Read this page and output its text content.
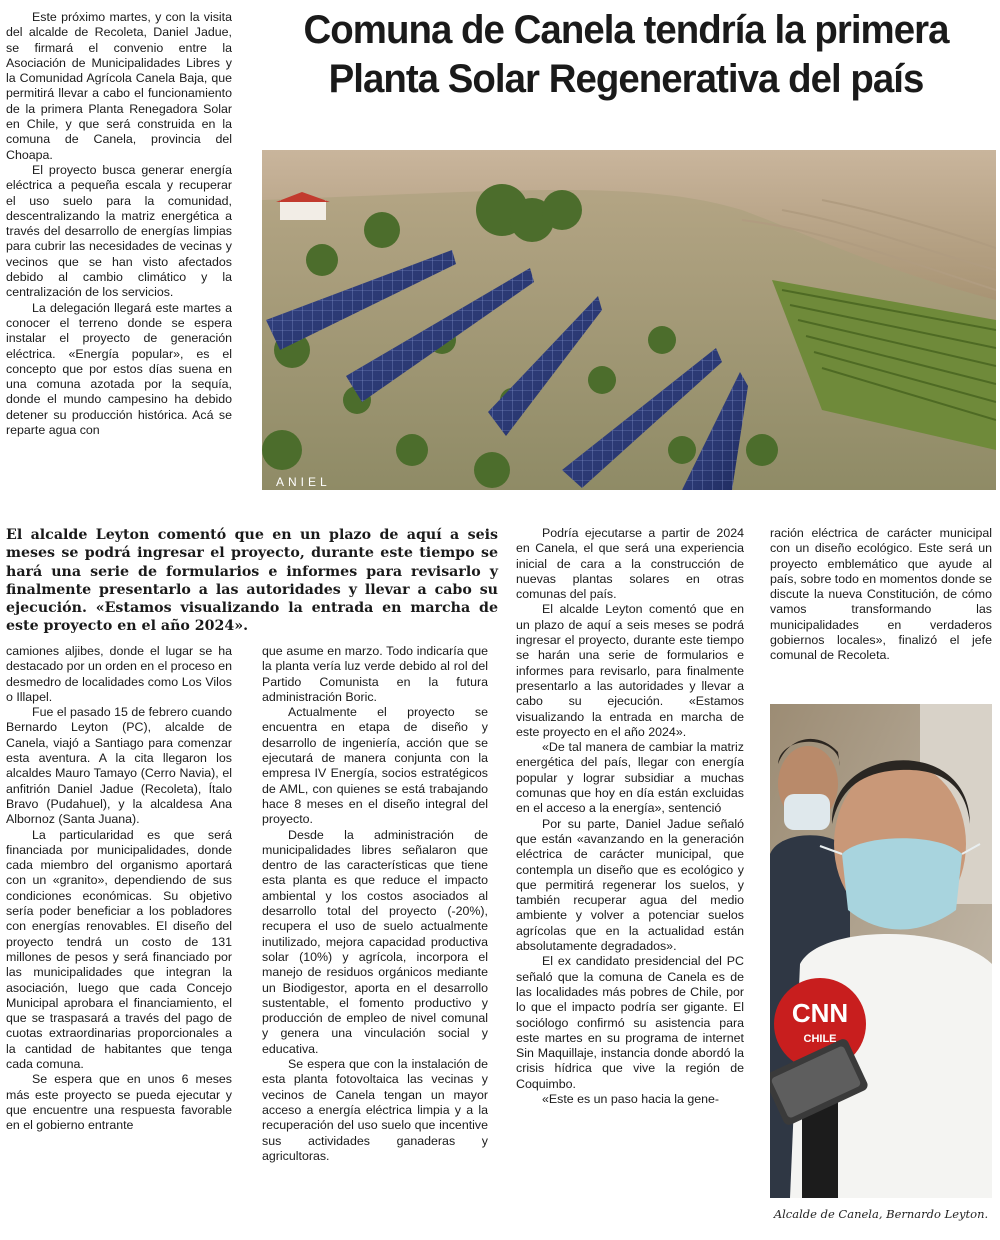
Este próximo martes, y con la visita del alcalde de Recoleta, Daniel Jadue, se firmará el convenio entre la Asociación de Municipalidades Libres y la Comunidad Agrícola Canela Baja, que permitirá llevar a cabo el funcionamiento de la primera Planta Renegadora Solar en Chile, y que será construida en la comuna de Canela, provincia del Choapa.

El proyecto busca generar energía eléctrica a pequeña escala y recuperar el uso suelo para la comunidad, descentralizando la matriz energética a través del desarrollo de energías limpias para cubrir las necesidades de vecinas y vecinos que se han visto afectados debido al cambio climático y la centralización de los servicios.

La delegación llegará este martes a conocer el terreno donde se espera instalar el proyecto de generación eléctrica. «Energía popular», es el concepto que por estos días suena en una comuna azotada por la sequía, donde el mundo campesino ha debido detener su producción histórica. Acá se reparte agua con

Comuna de Canela tendría la primera Planta Solar Regenerativa del país
ANIEL

El alcalde Leyton comentó que en un plazo de aquí a seis meses se podrá ingresar el proyecto, durante este tiempo se hará una serie de formularios e informes para revisarlo y finalmente presentarlo a las autoridades y llevar a cabo su ejecución. «Estamos visualizando la entrada en marcha de este proyecto en el año 2024».

camiones aljibes, donde el lugar se ha destacado por un orden en el proceso en desmedro de localidades como Los Vilos o Illapel.

Fue el pasado 15 de febrero cuando Bernardo Leyton (PC), alcalde de Canela, viajó a Santiago para comenzar esta aventura. A la cita llegaron los alcaldes Mauro Tamayo (Cerro Navia), el anfitrión Daniel Jadue (Recoleta), Ítalo Bravo (Pudahuel), y la alcaldesa Ana Albornoz (Santa Juana).

La particularidad es que será financiada por municipalidades, donde cada miembro del organismo aportará con un «granito», dependiendo de sus condiciones económicas. Su objetivo sería poder beneficiar a los pobladores con energías renovables. El diseño del proyecto tendrá un costo de 131 millones de pesos y será financiado por las municipalidades que integran la asociación, luego que cada Concejo Municipal aprobara el financiamiento, el que se traspasará a través del pago de cuotas extraordinarias proporcionales a la cantidad de habitantes que tenga cada comuna.

Se espera que en unos 6 meses más este proyecto se pueda ejecutar y que encuentre una respuesta favorable en el gobierno entrante

que asume en marzo. Todo indicaría que la planta vería luz verde debido al rol del Partido Comunista en la futura administración Boric.

Actualmente el proyecto se encuentra en etapa de diseño y desarrollo de ingeniería, acción que se ejecutará de manera conjunta con la empresa IV Energía, socios estratégicos de AML, con quienes se está trabajando hace 8 meses en el diseño integral del proyecto.

Desde la administración de municipalidades libres señalaron que dentro de las características que tiene esta planta es que reduce el impacto ambiental y los costos asociados al desarrollo total del proyecto (-20%), recupera el uso de suelo actualmente inutilizado, mejora capacidad productiva solar (10%) y agrícola, incorpora el manejo de residuos orgánicos mediante un Biodigestor, aporta en el desarrollo sustentable, el fomento productivo y producción de empleo de nivel comunal y genera una vinculación social y educativa.

Se espera que con la instalación de esta planta fotovoltaica las vecinas y vecinos de Canela tengan un mayor acceso a energía eléctrica limpia y a la recuperación del uso suelo que incentive sus actividades ganaderas y agricultoras.

Podría ejecutarse a partir de 2024 en Canela, el que será una experiencia inicial de cara a la construcción de nuevas plantas solares en otras comunas del país.

El alcalde Leyton comentó que en un plazo de aquí a seis meses se podrá ingresar el proyecto, durante este tiempo se harán una serie de formularios e informes para revisarlo, para finalmente presentarlo a las autoridades y llevar a cabo su ejecución. «Estamos visualizando la entrada en marcha de este proyecto en el año 2024».

«De tal manera de cambiar la matriz energética del país, llegar con energía popular y lograr subsidiar a muchas comunas que hoy en día están excluidas en el acceso a la energía», sentenció

Por su parte, Daniel Jadue señaló que están «avanzando en la generación eléctrica de carácter municipal, que contempla un diseño que es ecológico y que permitirá regenerar los suelos, y también recuperar agua del medio ambiente y volver a potenciar suelos agrícolas que en la actualidad están absolutamente degradados».

El ex candidato presidencial del PC señaló que la comuna de Canela es de las localidades más pobres de Chile, por lo que el impacto podría ser gigante. El sociólogo confirmó su asistencia para este martes en su programa de internet Sin Maquillaje, instancia donde abordó la crisis hídrica que vive la región de Coquimbo.

«Este es un paso hacia la gene-

ración eléctrica de carácter municipal con un diseño ecológico. Este será un proyecto emblemático que ayude al país, sobre todo en momentos donde se discute la nueva Constitución, de cómo vamos transformando las municipalidades en verdaderos gobiernos locales», finalizó el jefe comunal de Recoleta.

CNN
CHILE

Alcalde de Canela, Bernardo Leyton.
